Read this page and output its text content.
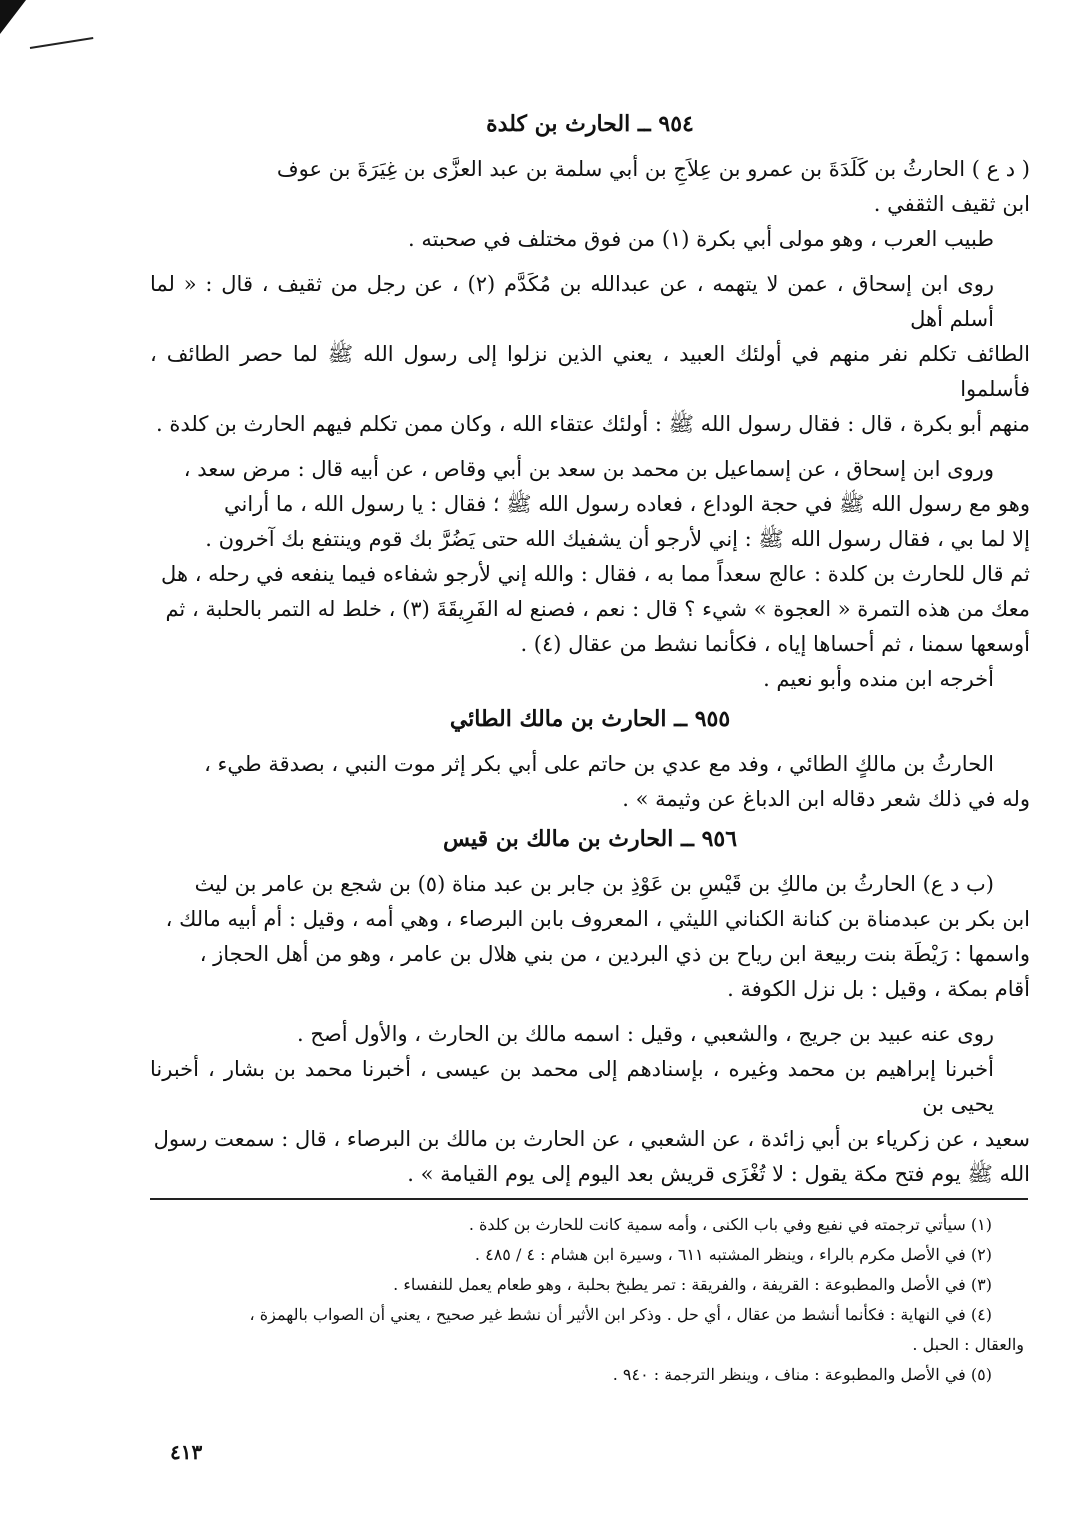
٩٥٤ ــ الحارث بن كلدة

( د ع ) الحارثُ بن كَلَدَةَ بن عمرو بن عِلاَجِ بن أبي سلمة بن عبد العزَّى بن غِيَرَةَ بن عوف

ابن ثقيف الثقفي .

طبيب العرب ، وهو مولى أبي بكرة (١) من فوق مختلف في صحبته .

روى ابن إسحاق ، عمن لا يتهمه ، عن عبدالله بن مُكَدَّم (٢) ، عن رجل من ثقيف ، قال : « لما أسلم أهل

الطائف تكلم نفر منهم في أولئك العبيد ، يعني الذين نزلوا إلى رسول الله ﷺ لما حصر الطائف ، فأسلموا

منهم أبو بكرة ، قال : فقال رسول الله ﷺ : أولئك عتقاء الله ، وكان ممن تكلم فيهم الحارث بن كلدة .

وروى ابن إسحاق ، عن إسماعيل بن محمد بن سعد بن أبي وقاص ، عن أبيه قال : مرض سعد ،

وهو مع رسول الله ﷺ في حجة الوداع ، فعاده رسول الله ﷺ ؛ فقال : يا رسول الله ، ما أراني

إلا لما بي ، فقال رسول الله ﷺ : إني لأرجو أن يشفيك الله حتى يَضُرَّ بك قوم وينتفع بك آخرون .

ثم قال للحارث بن كلدة : عالج سعداً مما به ، فقال : والله إني لأرجو شفاءه فيما ينفعه في رحله ، هل

معك من هذه التمرة « العجوة » شيء ؟ قال : نعم ، فصنع له الفَرِيقَةَ (٣) ، خلط له التمر بالحلبة ، ثم

أوسعها سمنا ، ثم أحساها إياه ، فكأنما نشط من عقال (٤) .

أخرجه ابن منده وأبو نعيم .

٩٥٥ ــ الحارث بن مالك الطائي

الحارثُ بن مالكٍ الطائي ، وفد مع عدي بن حاتم على أبي بكر إثر موت النبي ، بصدقة طيء ،

وله في ذلك شعر دقاله ابن الدباغ عن وثيمة » .

٩٥٦ ــ الحارث بن مالك بن قيس

(ب د ع) الحارثُ بن مالكِ بن قَيْسِ بن عَوْذِ بن جابر بن عبد مناة (٥) بن شجع بن عامر بن ليث

ابن بكر بن عبدمناة بن كنانة الكناني الليثي ، المعروف بابن البرصاء ، وهي أمه ، وقيل : أم أبيه مالك ،

واسمها : رَيْطَة بنت ربيعة ابن رياح بن ذي البردين ، من بني هلال بن عامر ، وهو من أهل الحجاز ،

أقام بمكة ، وقيل : بل نزل الكوفة .

روى عنه عبيد بن جريج ، والشعبي ، وقيل : اسمه مالك بن الحارث ، والأول أصح .

أخبرنا إبراهيم بن محمد وغيره ، بإسنادهم إلى محمد بن عيسى ، أخبرنا محمد بن بشار ، أخبرنا يحيى بن

سعيد ، عن زكرياء بن أبي زائدة ، عن الشعبي ، عن الحارث بن مالك بن البرصاء ، قال : سمعت رسول

الله ﷺ يوم فتح مكة يقول : لا تُغْزَى قريش بعد اليوم إلى يوم القيامة » .

(١) سيأتي ترجمته في نفيع وفي باب الكنى ، وأمه سمية كانت للحارث بن كلدة .

(٢) في الأصل مكرم بالراء ، وينظر المشتبه ٦١١ ، وسيرة ابن هشام : ٤ / ٤٨٥ .

(٣) في الأصل والمطبوعة : القريفة ، والفريقة : تمر يطبخ بحلبة ، وهو طعام يعمل للنفساء .

(٤) في النهاية : فكأنما أنشط من عقال ، أي حل . وذكر ابن الأثير أن نشط غير صحيح ، يعني أن الصواب بالهمزة ،

والعقال : الحبل .

(٥) في الأصل والمطبوعة : مناف ، وينظر الترجمة : ٩٤٠ .

٤١٣
